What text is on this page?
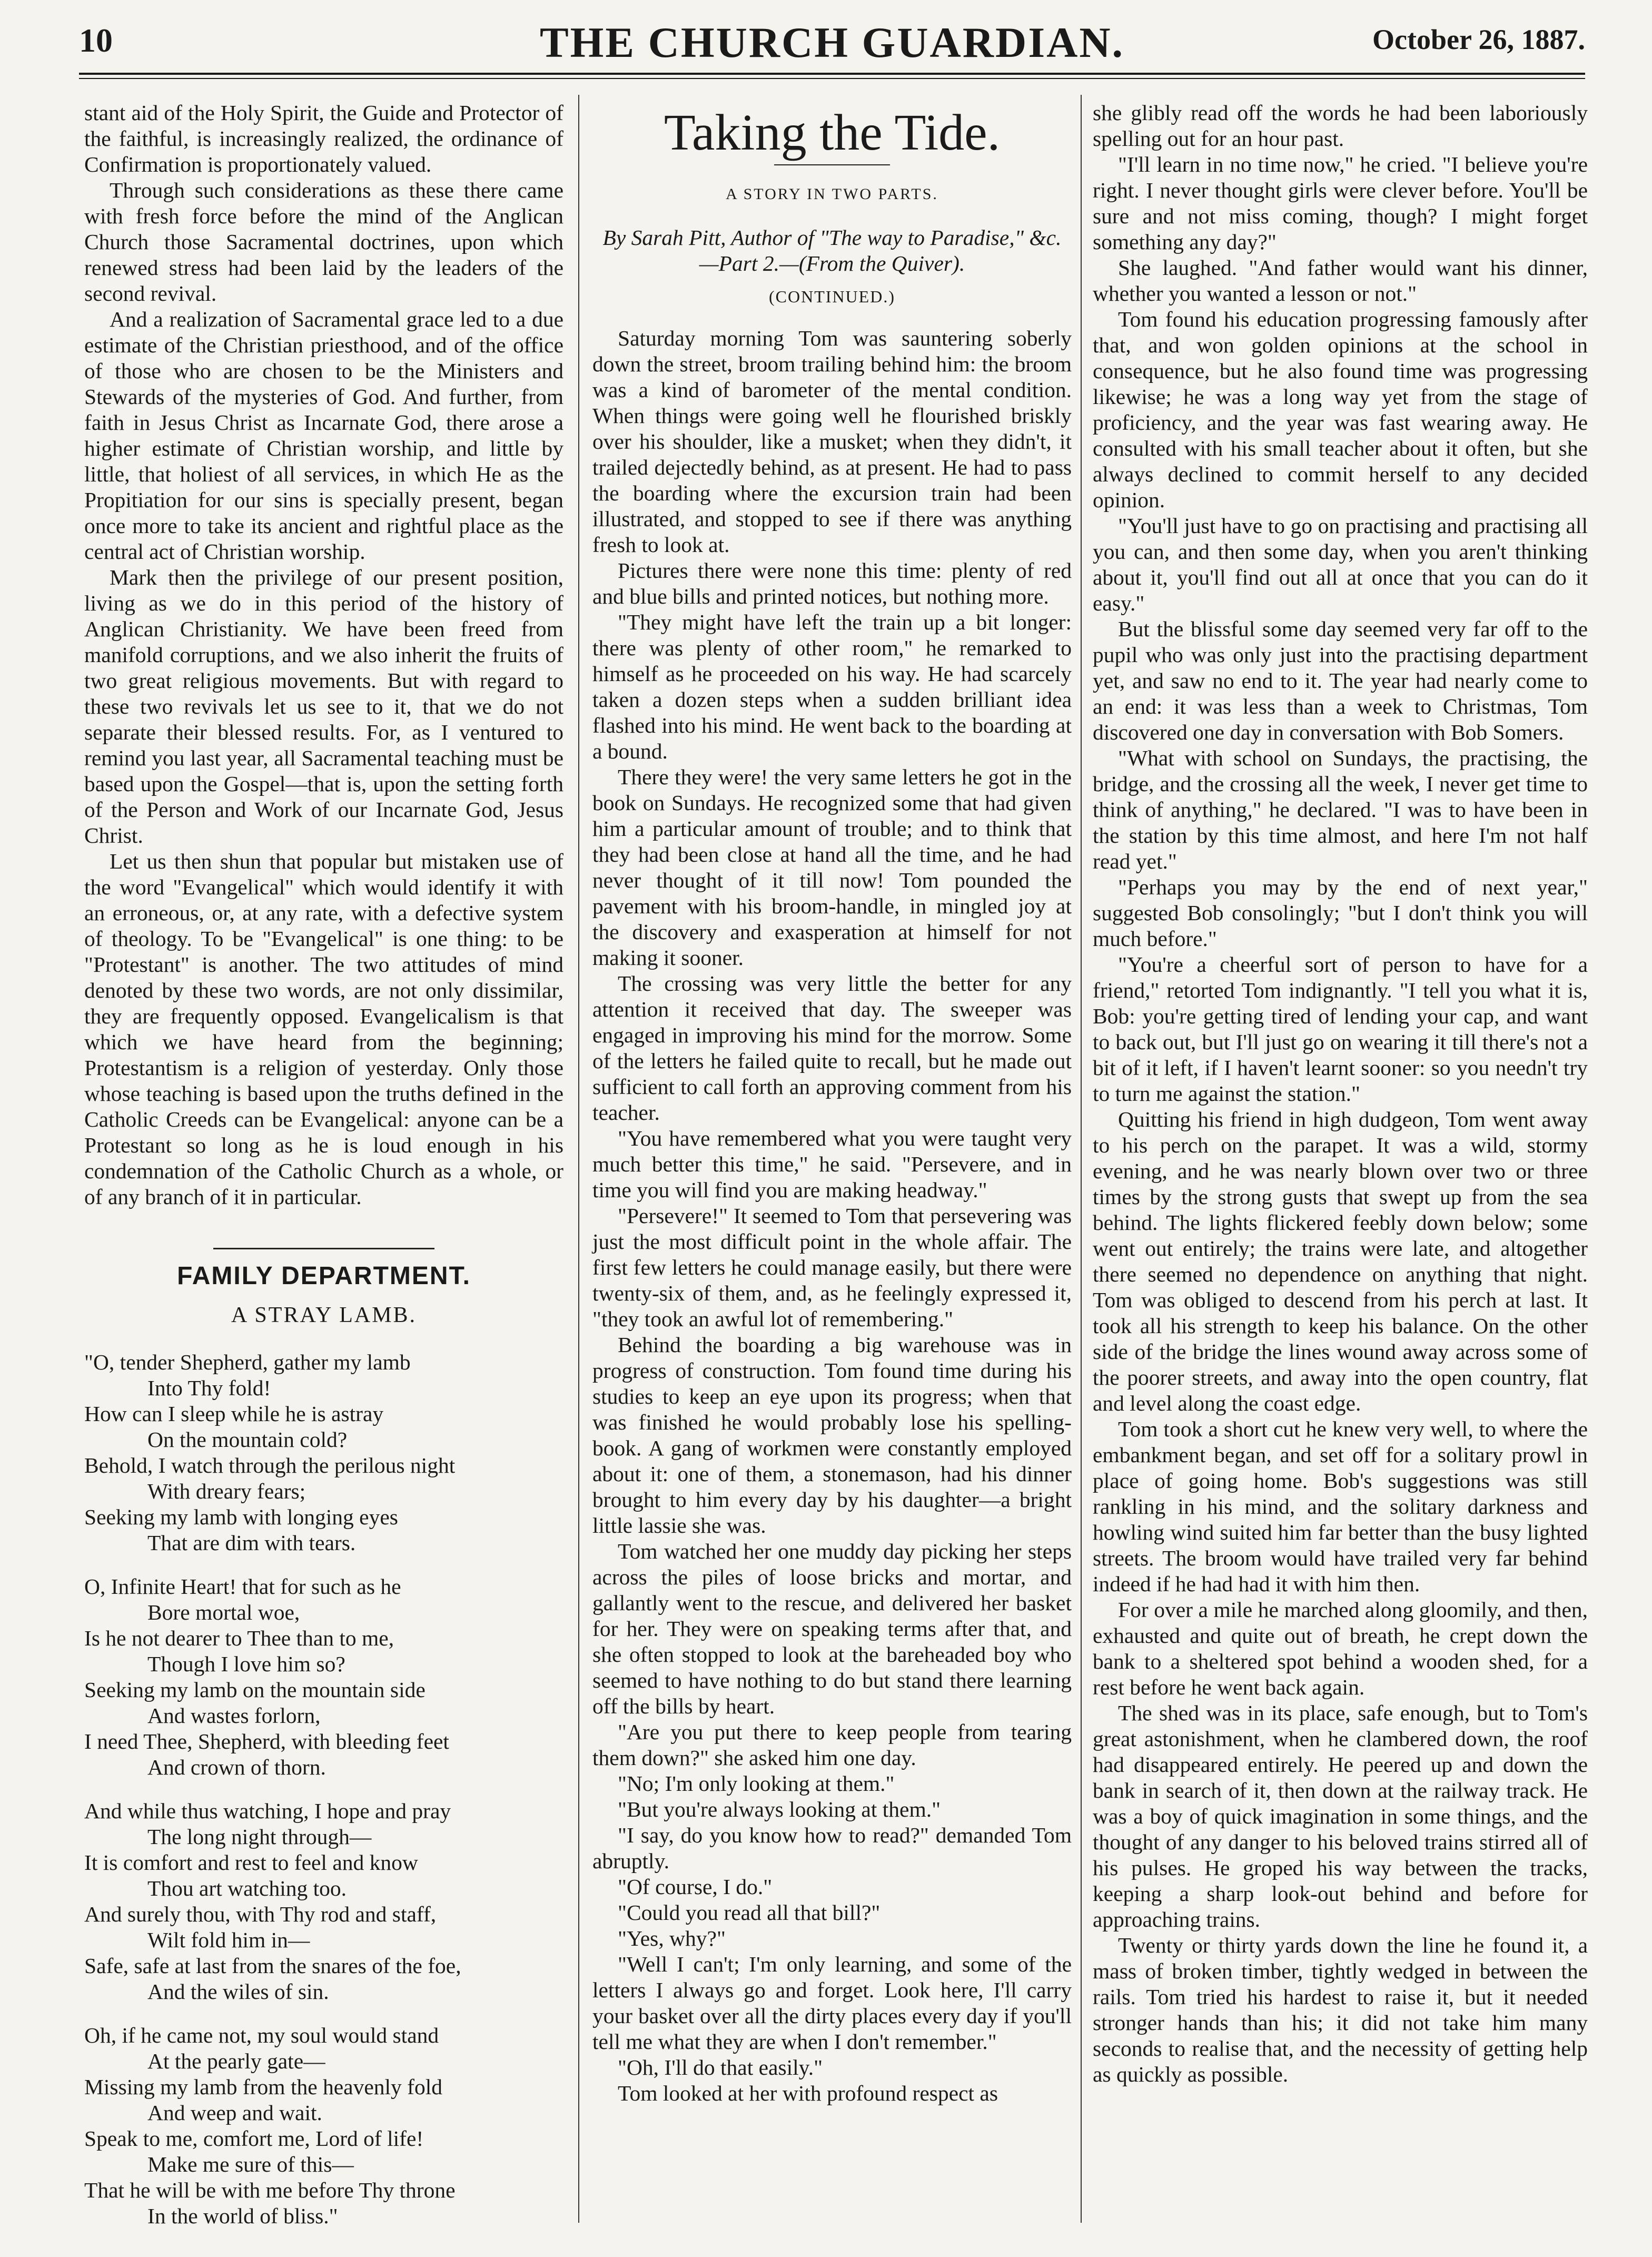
10	THE CHURCH GUARDIAN.	October 26, 1887.

stant aid of the Holy Spirit, the Guide and Protector of the faithful, is increasingly realized, the ordinance of Confirmation is proportionately valued.

Through such considerations as these there came with fresh force before the mind of the Anglican Church those Sacramental doctrines, upon which renewed stress had been laid by the leaders of the second revival.

And a realization of Sacramental grace led to a due estimate of the Christian priesthood, and of the office of those who are chosen to be the Ministers and Stewards of the mysteries of God. And further, from faith in Jesus Christ as Incarnate God, there arose a higher estimate of Christian worship, and little by little, that holiest of all services, in which He as the Propitiation for our sins is specially present, began once more to take its ancient and rightful place as the central act of Christian worship.

Mark then the privilege of our present position, living as we do in this period of the history of Anglican Christianity. We have been freed from manifold corruptions, and we also inherit the fruits of two great religious movements. But with regard to these two revivals let us see to it, that we do not separate their blessed results. For, as I ventured to remind you last year, all Sacramental teaching must be based upon the Gospel—that is, upon the setting forth of the Person and Work of our Incarnate God, Jesus Christ.

Let us then shun that popular but mistaken use of the word "Evangelical" which would identify it with an erroneous, or, at any rate, with a defective system of theology. To be "Evangelical" is one thing: to be "Protestant" is another. The two attitudes of mind denoted by these two words, are not only dissimilar, they are frequently opposed. Evangelicalism is that which we have heard from the beginning; Protestantism is a religion of yesterday. Only those whose teaching is based upon the truths defined in the Catholic Creeds can be Evangelical: anyone can be a Protestant so long as he is loud enough in his condemnation of the Catholic Church as a whole, or of any branch of it in particular.

FAMILY DEPARTMENT.
A STRAY LAMB.
"O, tender Shepherd, gather my lamb
Into Thy fold!
How can I sleep while he is astray
On the mountain cold?
Behold, I watch through the perilous night
With dreary fears;
Seeking my lamb with longing eyes
That are dim with tears.
O, Infinite Heart! that for such as he
Bore mortal woe,
Is he not dearer to Thee than to me,
Though I love him so?
Seeking my lamb on the mountain side
And wastes forlorn,
I need Thee, Shepherd, with bleeding feet
And crown of thorn.
And while thus watching, I hope and pray
The long night through—
It is comfort and rest to feel and know
Thou art watching too.
And surely thou, with Thy rod and staff,
Wilt fold him in—
Safe, safe at last from the snares of the foe,
And the wiles of sin.
Oh, if he came not, my soul would stand
At the pearly gate—
Missing my lamb from the heavenly fold
And weep and wait.
Speak to me, comfort me, Lord of life!
Make me sure of this—
That he will be with me before Thy throne
In the world of bliss."
Taking the Tide.
A STORY IN TWO PARTS.
By Sarah Pitt, Author of "The way to Paradise," &c.—Part 2.—(From the Quiver).
(CONTINUED.)

Saturday morning Tom was sauntering soberly down the street, broom trailing behind him: the broom was a kind of barometer of the mental condition. When things were going well he flourished briskly over his shoulder, like a musket; when they didn't, it trailed dejectedly behind, as at present. He had to pass the boarding where the excursion train had been illustrated, and stopped to see if there was anything fresh to look at.

Pictures there were none this time: plenty of red and blue bills and printed notices, but nothing more.

"They might have left the train up a bit longer: there was plenty of other room," he remarked to himself as he proceeded on his way. He had scarcely taken a dozen steps when a sudden brilliant idea flashed into his mind. He went back to the boarding at a bound.

There they were! the very same letters he got in the book on Sundays. He recognized some that had given him a particular amount of trouble; and to think that they had been close at hand all the time, and he had never thought of it till now! Tom pounded the pavement with his broom-handle, in mingled joy at the discovery and exasperation at himself for not making it sooner.

The crossing was very little the better for any attention it received that day. The sweeper was engaged in improving his mind for the morrow. Some of the letters he failed quite to recall, but he made out sufficient to call forth an approving comment from his teacher.

"You have remembered what you were taught very much better this time," he said. "Persevere, and in time you will find you are making headway."

"Persevere!" It seemed to Tom that persevering was just the most difficult point in the whole affair. The first few letters he could manage easily, but there were twenty-six of them, and, as he feelingly expressed it, "they took an awful lot of remembering."

Behind the boarding a big warehouse was in progress of construction. Tom found time during his studies to keep an eye upon its progress; when that was finished he would probably lose his spelling-book. A gang of workmen were constantly employed about it: one of them, a stonemason, had his dinner brought to him every day by his daughter—a bright little lassie she was.

Tom watched her one muddy day picking her steps across the piles of loose bricks and mortar, and gallantly went to the rescue, and delivered her basket for her. They were on speaking terms after that, and she often stopped to look at the bareheaded boy who seemed to have nothing to do but stand there learning off the bills by heart.

"Are you put there to keep people from tearing them down?" she asked him one day.

"No; I'm only looking at them."

"But you're always looking at them."

"I say, do you know how to read?" demanded Tom abruptly.

"Of course, I do."

"Could you read all that bill?"

"Yes, why?"

"Well I can't; I'm only learning, and some of the letters I always go and forget. Look here, I'll carry your basket over all the dirty places every day if you'll tell me what they are when I don't remember."

"Oh, I'll do that easily."

Tom looked at her with profound respect as

she glibly read off the words he had been laboriously spelling out for an hour past.

"I'll learn in no time now," he cried. "I believe you're right. I never thought girls were clever before. You'll be sure and not miss coming, though? I might forget something any day?"

She laughed. "And father would want his dinner, whether you wanted a lesson or not."

Tom found his education progressing famously after that, and won golden opinions at the school in consequence, but he also found time was progressing likewise; he was a long way yet from the stage of proficiency, and the year was fast wearing away. He consulted with his small teacher about it often, but she always declined to commit herself to any decided opinion.

"You'll just have to go on practising and practising all you can, and then some day, when you aren't thinking about it, you'll find out all at once that you can do it easy."

But the blissful some day seemed very far off to the pupil who was only just into the practising department yet, and saw no end to it. The year had nearly come to an end: it was less than a week to Christmas, Tom discovered one day in conversation with Bob Somers.

"What with school on Sundays, the practising, the bridge, and the crossing all the week, I never get time to think of anything," he declared. "I was to have been in the station by this time almost, and here I'm not half read yet."

"Perhaps you may by the end of next year," suggested Bob consolingly; "but I don't think you will much before."

"You're a cheerful sort of person to have for a friend," retorted Tom indignantly. "I tell you what it is, Bob: you're getting tired of lending your cap, and want to back out, but I'll just go on wearing it till there's not a bit of it left, if I haven't learnt sooner: so you needn't try to turn me against the station."

Quitting his friend in high dudgeon, Tom went away to his perch on the parapet. It was a wild, stormy evening, and he was nearly blown over two or three times by the strong gusts that swept up from the sea behind. The lights flickered feebly down below; some went out entirely; the trains were late, and altogether there seemed no dependence on anything that night. Tom was obliged to descend from his perch at last. It took all his strength to keep his balance. On the other side of the bridge the lines wound away across some of the poorer streets, and away into the open country, flat and level along the coast edge.

Tom took a short cut he knew very well, to where the embankment began, and set off for a solitary prowl in place of going home. Bob's suggestions was still rankling in his mind, and the solitary darkness and howling wind suited him far better than the busy lighted streets. The broom would have trailed very far behind indeed if he had had it with him then.

For over a mile he marched along gloomily, and then, exhausted and quite out of breath, he crept down the bank to a sheltered spot behind a wooden shed, for a rest before he went back again.

The shed was in its place, safe enough, but to Tom's great astonishment, when he clambered down, the roof had disappeared entirely. He peered up and down the bank in search of it, then down at the railway track. He was a boy of quick imagination in some things, and the thought of any danger to his beloved trains stirred all of his pulses. He groped his way between the tracks, keeping a sharp look-out behind and before for approaching trains.

Twenty or thirty yards down the line he found it, a mass of broken timber, tightly wedged in between the rails. Tom tried his hardest to raise it, but it needed stronger hands than his; it did not take him many seconds to realise that, and the necessity of getting help as quickly as possible.
